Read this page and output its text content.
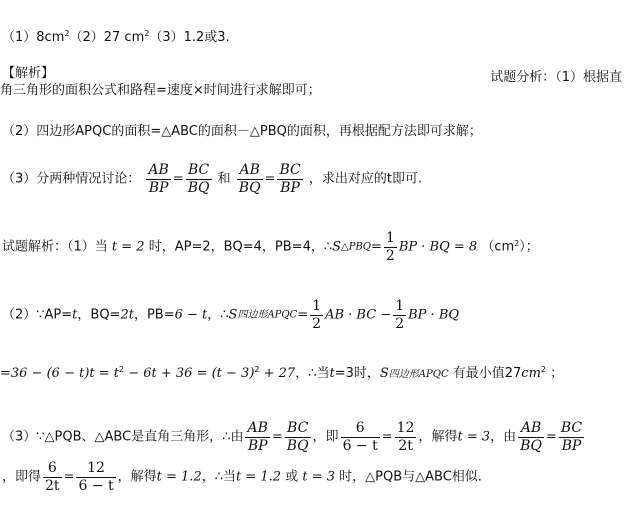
$(1)8cm^2(2)27$ $cm^2(3)1.2$或3.
【解析】	试题分析：（1）根据直
角三角形的面积公式和路程=速度×时间进行求解即可；
（2）四边形APQC的面积=△ABC的面积－△PBQ的面积，再根据配方法即可求解；
（3）分两种情况讨论： $\frac{AB}{BP} = \frac{BC}{BQ}$ 和 $\frac{AB}{BQ} = \frac{BC}{BP}$ ，求出对应的t即可.
试题解析：（1）当 t = 2 时，AP=2，BQ=4，PB=4，∴S△PBQ= $\frac{1}{2}$ BP · BQ = 8 $(cm^2)$；
（2）∵AP=t，BQ=2t，PB=6 − t，∴S四边形APQC= $\frac{1}{2}$ AB · BC − $\frac{1}{2}$ BP · BQ
$=36 - (6 - t)t = t^2 - 6t + 36 = (t - 3)^2 + 27$，∴当t=3时，S四边形APQC 有最小值$27cm^2$ ；
（3）∵△PQB、△ABC是直角三角形，∴由 $\frac{AB}{BP} = \frac{BC}{BQ}$ ，即 $\frac{6}{6 - t} = \frac{12}{2t}$ ，解得t = 3，由 $\frac{AB}{BQ} = \frac{BC}{BP}$
，即得 $\frac{6}{2t} = \frac{12}{6 - t}$ ，解得t = 1.2，∴当t = 1.2 或 t = 3 时，△PQB与△ABC相似.
